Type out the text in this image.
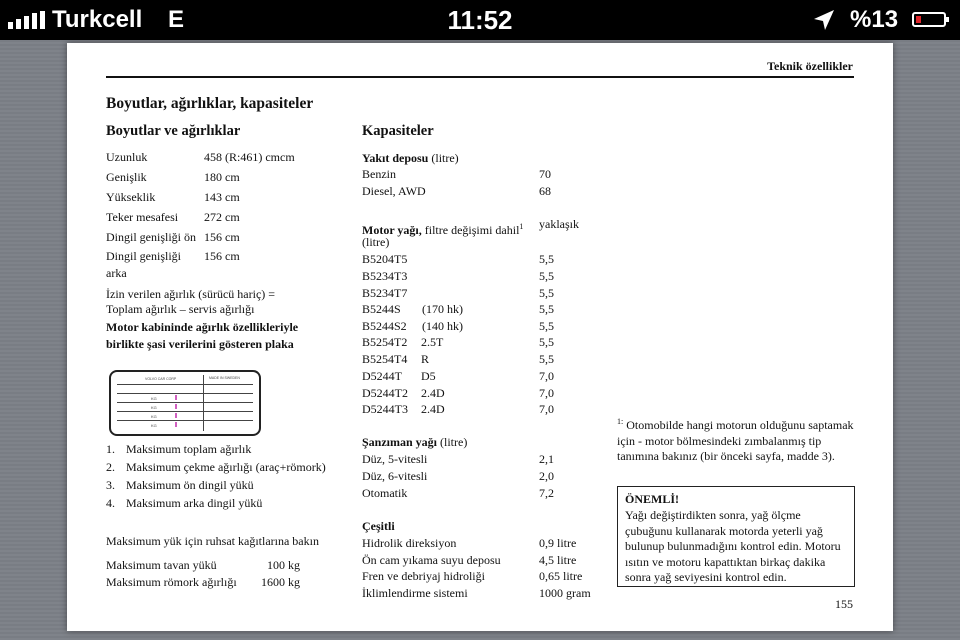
Turkcell E	11:52	%13
Teknik özellikler
Boyutlar, ağırlıklar, kapasiteler
Boyutlar ve ağırlıklar
Uzunluk	458 (R:461) cmcm
Genişlik	180 cm
Yükseklik	143 cm
Teker mesafesi 272 cm
Dingil genişliği ön 156 cm
Dingil genişliği arka
156 cm
İzin verilen ağırlık (sürücü hariç) =
Toplam ağırlık – servis ağırlığı
Motor kabininde ağırlık özellikleriyle birlikte şasi verilerini gösteren plaka
VOLVO CAR CORP	MADE IN SWEDEN
KG
KG
KG
KG
1. Maksimum toplam ağırlık
2. Maksimum çekme ağırlığı (araç+römork)
3. Maksimum ön dingil yükü
4. Maksimum arka dingil yükü
Maksimum yük için ruhsat kağıtlarına bakın
Maksimum tavan yükü	100 kg
Maksimum römork ağırlığı 1600 kg
Kapasiteler
Yakıt deposu (litre)
Benzin	70
Diesel, AWD	68
Motor yağı, filtre değişimi dahil$^1$
(litre)
yaklaşık
B5204T5	5,5
B5234T3	5,5
B5234T7	5,5
B5244S (170 hk)	5,5
B5244S2 (140 hk)	5,5
B5254T2 2.5T	5,5
B5254T4 R	5,5
D5244T D5	7,0
D5244T2 2.4D	7,0
D5244T3 2.4D	7,0
Şanzıman yağı (litre)
Düz, 5-vitesli	2,1
Düz, 6-vitesli	2,0
Otomatik	7,2
Çeşitli
Hidrolik direksiyon	0,9 litre
Ön cam yıkama suyu deposu	4,5 litre
Fren ve debriyaj hidroliği	0,65 litre
İklimlendirme sistemi	1000 gram
$^{1:}$ Otomobilde hangi motorun olduğunu saptamak için - motor bölmesindeki zımbalanmış tip tanımına bakınız (bir önceki sayfa, madde 3).
ÖNEMLİ!
Yağı değiştirdikten sonra, yağ ölçme çubuğunu kullanarak motorda yeterli yağ bulunup bulunmadığını kontrol edin. Motoru ısıtın ve motoru kapattıktan birkaç dakika sonra yağ seviyesini kontrol edin.
155
